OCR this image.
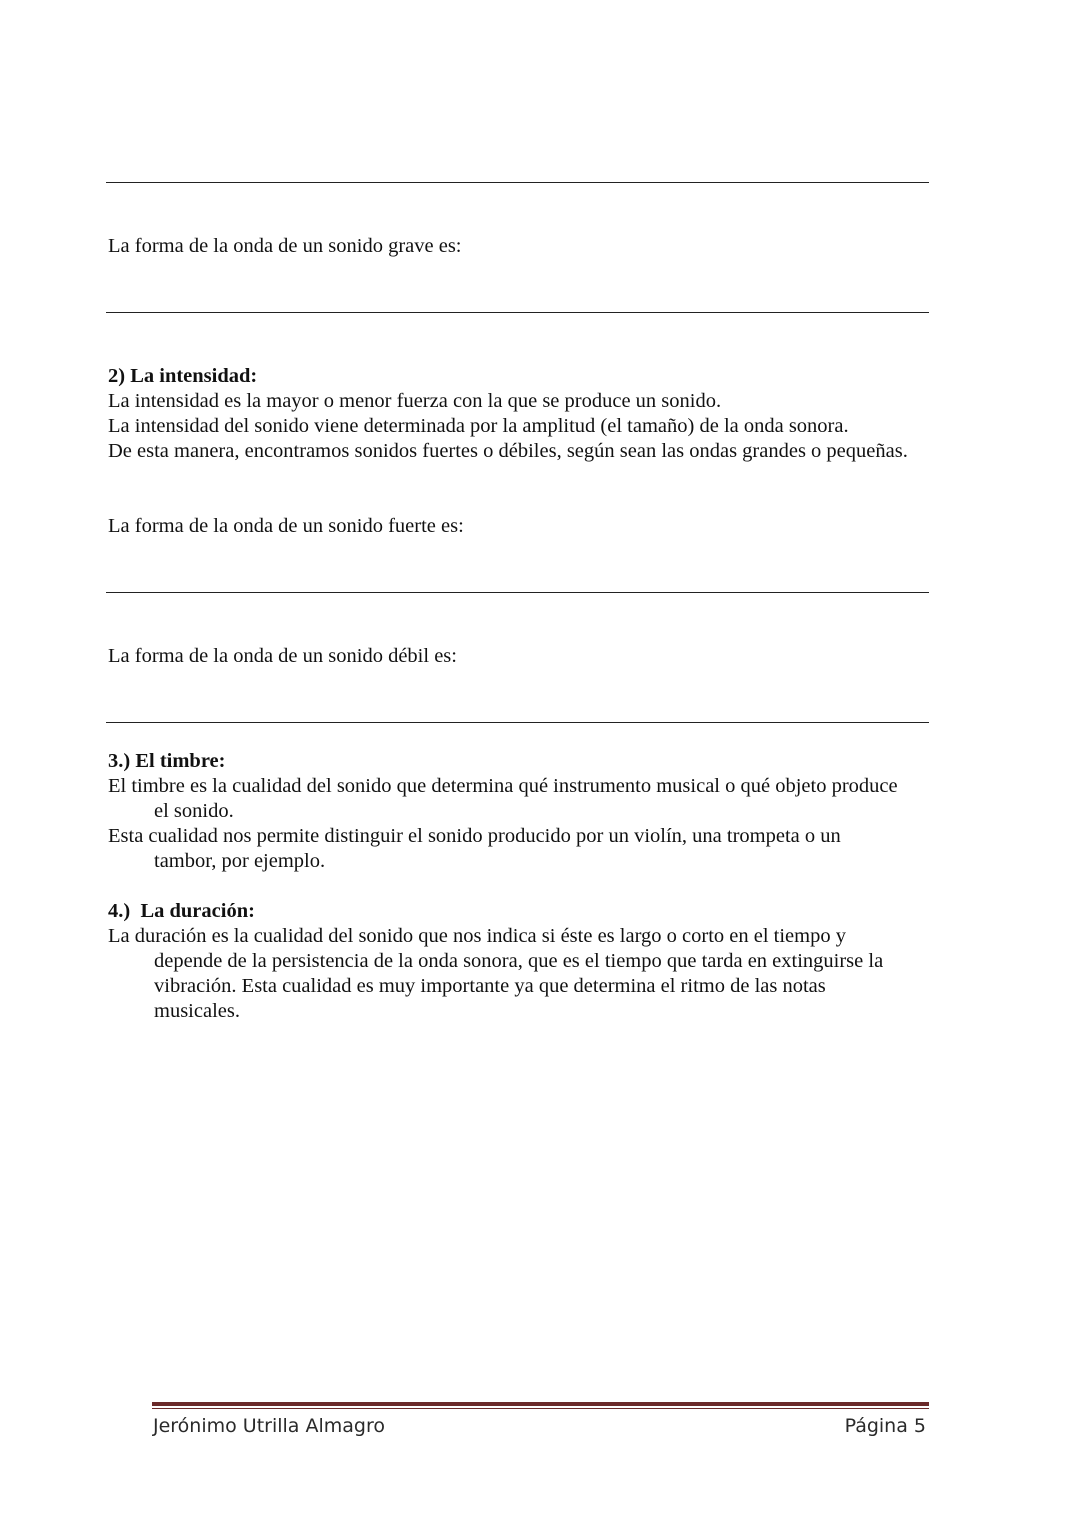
La forma de la onda de un sonido grave es:

2) La intensidad:

La intensidad es la mayor o menor fuerza con la que se produce un sonido.

La intensidad del sonido viene determinada por la amplitud (el tamaño) de la onda sonora.

De esta manera, encontramos sonidos fuertes o débiles, según sean las ondas grandes o pequeñas.

La forma de la onda de un sonido fuerte es:
La forma de la onda de un sonido débil es:

3.) El timbre:

El timbre es la cualidad del sonido que determina qué instrumento musical o qué objeto produce el sonido.

Esta cualidad nos permite distinguir el sonido producido por un violín, una trompeta o un tambor, por ejemplo.

4.)  La duración:

La duración es la cualidad del sonido que nos indica si éste es largo o corto en el tiempo y depende de la persistencia de la onda sonora, que es el tiempo que tarda en extinguirse la vibración. Esta cualidad es muy importante ya que determina el ritmo de las notas musicales.

Jerónimo Utrilla Almagro	Página 5
